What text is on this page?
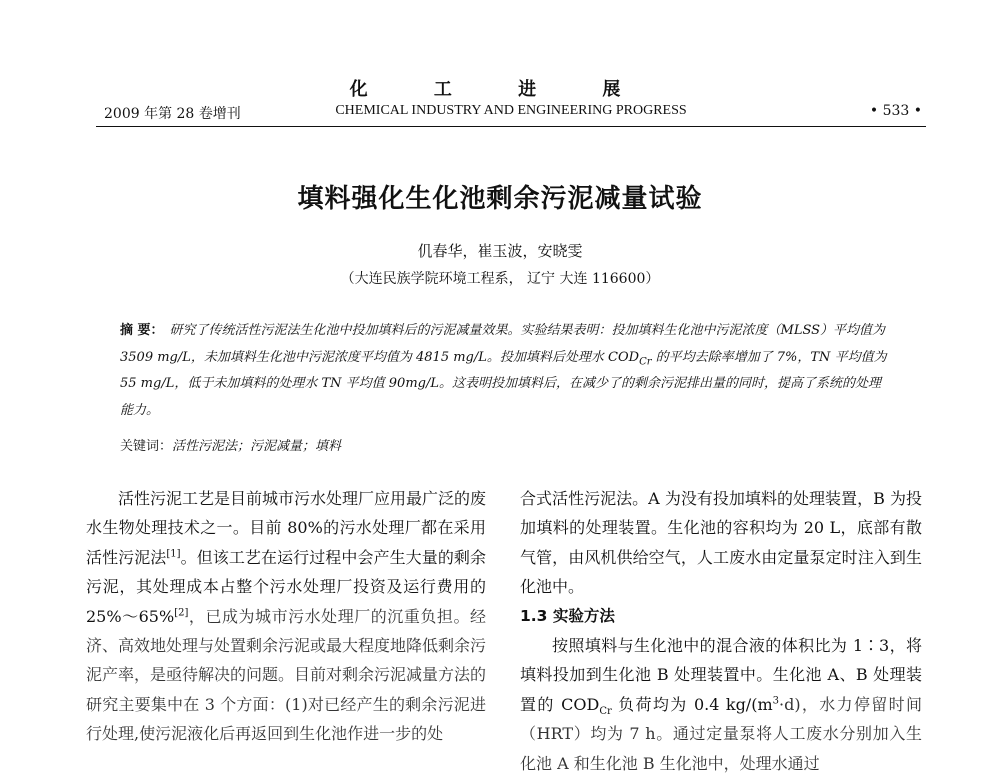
化 工 进 展
2009 年第 28 卷增刊	CHEMICAL INDUSTRY AND ENGINEERING PROGRESS	• 533 •
填料强化生化池剩余污泥减量试验
仉春华，崔玉波，安晓雯
（大连民族学院环境工程系， 辽宁 大连 116600）
摘 要： 研究了传统活性污泥法生化池中投加填料后的污泥减量效果。实验结果表明：投加填料生化池中污泥浓度（MLSS）平均值为 3509 mg/L，未加填料生化池中污泥浓度平均值为 4815 mg/L。投加填料后处理水 $COD_{Cr}$ 的平均去除率增加了 7%，TN 平均值为 55 mg/L，低于未加填料的处理水 TN 平均值 90mg/L。这表明投加填料后，在减少了的剩余污泥排出量的同时，提高了系统的处理能力。
关键词：活性污泥法；污泥减量；填料

活性污泥工艺是目前城市污水处理厂应用最广泛的废水生物处理技术之一。目前 80%的污水处理厂都在采用活性污泥法[1]。但该工艺在运行过程中会产生大量的剩余污泥，其处理成本占整个污水处理厂投资及运行费用的 25%～65%[2]，已成为城市污水处理厂的沉重负担。经济、高效地处理与处置剩余污泥或最大程度地降低剩余污泥产率，是亟待解决的问题。目前对剩余污泥减量方法的研究主要集中在 3 个方面：(1)对已经产生的剩余污泥进行处理,使污泥液化后再返回到生化池作进一步的处

合式活性污泥法。A 为没有投加填料的处理装置，B 为投加填料的处理装置。生化池的容积均为 20 L，底部有散气管，由风机供给空气，人工废水由定量泵定时注入到生化池中。

1.3 实验方法

按照填料与生化池中的混合液的体积比为 1∶3，将填料投加到生化池 B 处理装置中。生化池 A、B 处理装置的 $COD_{Cr}$ 负荷均为 0.4 $kg/(m^3\cdot d)$，水力停留时间（HRT）均为 7 h。通过定量泵将人工废水分别加入生化池 A 和生化池 B 生化池中，处理水通过
